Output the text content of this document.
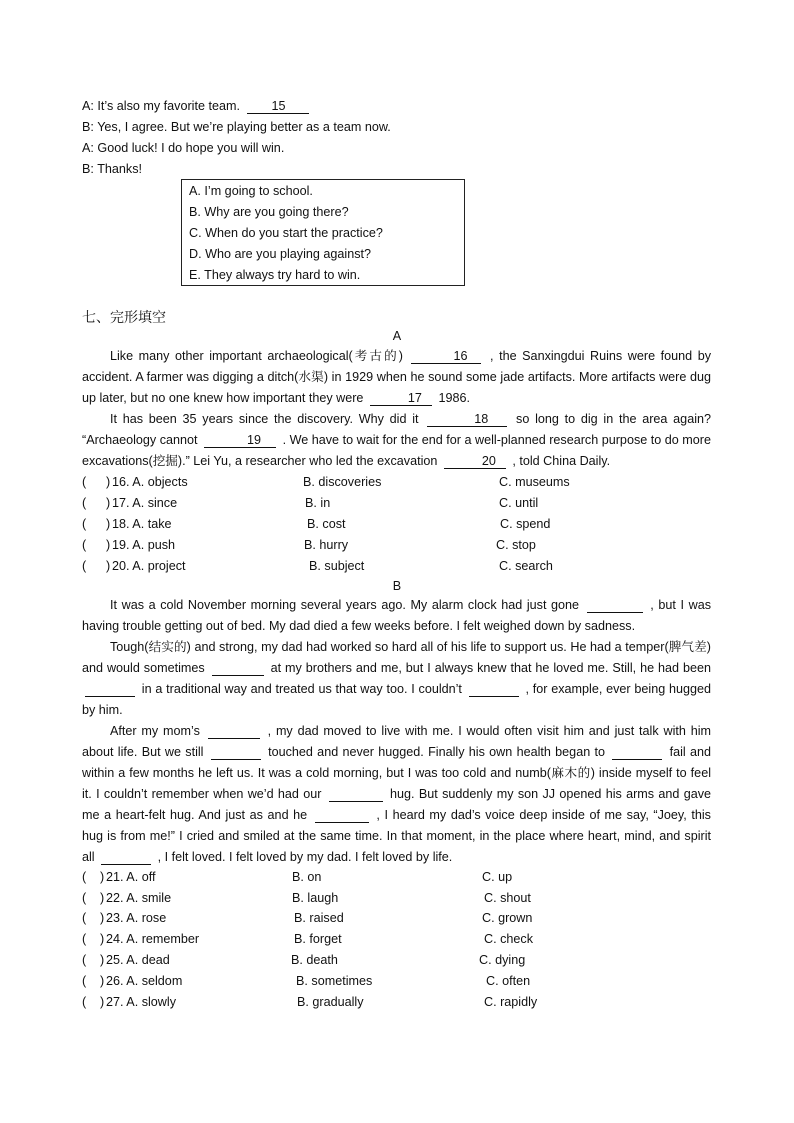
A: It’s also my favorite team. 15
B: Yes, I agree. But we’re playing better as a team now.
A: Good luck! I do hope you will win.
B: Thanks!
A. I’m going to school.
B. Why are you going there?
C. When do you start the practice?
D. Who are you playing against?
E. They always try hard to win.
七、完形填空
A

Like many other important archaeological(考古的)	16 , the Sanxingdui Ruins were found by accident. A farmer was digging a ditch(水渠) in 1929 when he sound some jade artifacts. More artifacts were dug up later, but no one knew how important they were	17 1986.

It has been 35 years since the discovery. Why did it	18 so long to dig in the area again? “Archaeology cannot	19 . We have to wait for the end for a well-planned research purpose to do more excavations(挖掘).” Lei Yu, a researcher who led the excavation	20 , told China Daily.

( ) 16. A. objects	B. discoveries	C. museums
( ) 17. A. since	B. in	C. until
( ) 18. A. take	B. cost	C. spend
( ) 19. A. push	B. hurry	C. stop
( ) 20. A. project	B. subject	C. search
B

It was a cold November morning several years ago. My alarm clock had just gone	, but I was having trouble getting out of bed. My dad died a few weeks before. I felt weighed down by sadness.

Tough(结实的) and strong, my dad had worked so hard all of his life to support us. He had a temper(脾气差) and would sometimes	at my brothers and me, but I always knew that he loved me. Still, he had been   in a traditional way and treated us that way too. I couldn’t	, for example, ever being hugged by him.

After my mom’s	, my dad moved to live with me. I would often visit him and just talk with him about life. But we still	touched and never hugged. Finally his own health began to	fail and within a few months he left us. It was a cold morning, but I was too cold and numb(麻木的) inside myself to feel it. I couldn’t remember when we’d had our	hug. But suddenly my son JJ opened his arms and gave me a heart-felt hug. And just as and he	, I heard my dad’s voice deep inside of me say, “Joey, this hug is from me!” I cried and smiled at the same time. In that moment, in the place where heart, mind, and spirit all	, I felt loved. I felt loved by my dad. I felt loved by life.

( ) 21. A. off	B. on	C. up
( ) 22. A. smile	B. laugh	C. shout
( ) 23. A. rose	B. raised	C. grown
( ) 24. A. remember	B. forget	C. check
( ) 25. A. dead	B. death	C. dying
( ) 26. A. seldom	B. sometimes	C. often
( ) 27. A. slowly	B. gradually	C. rapidly
